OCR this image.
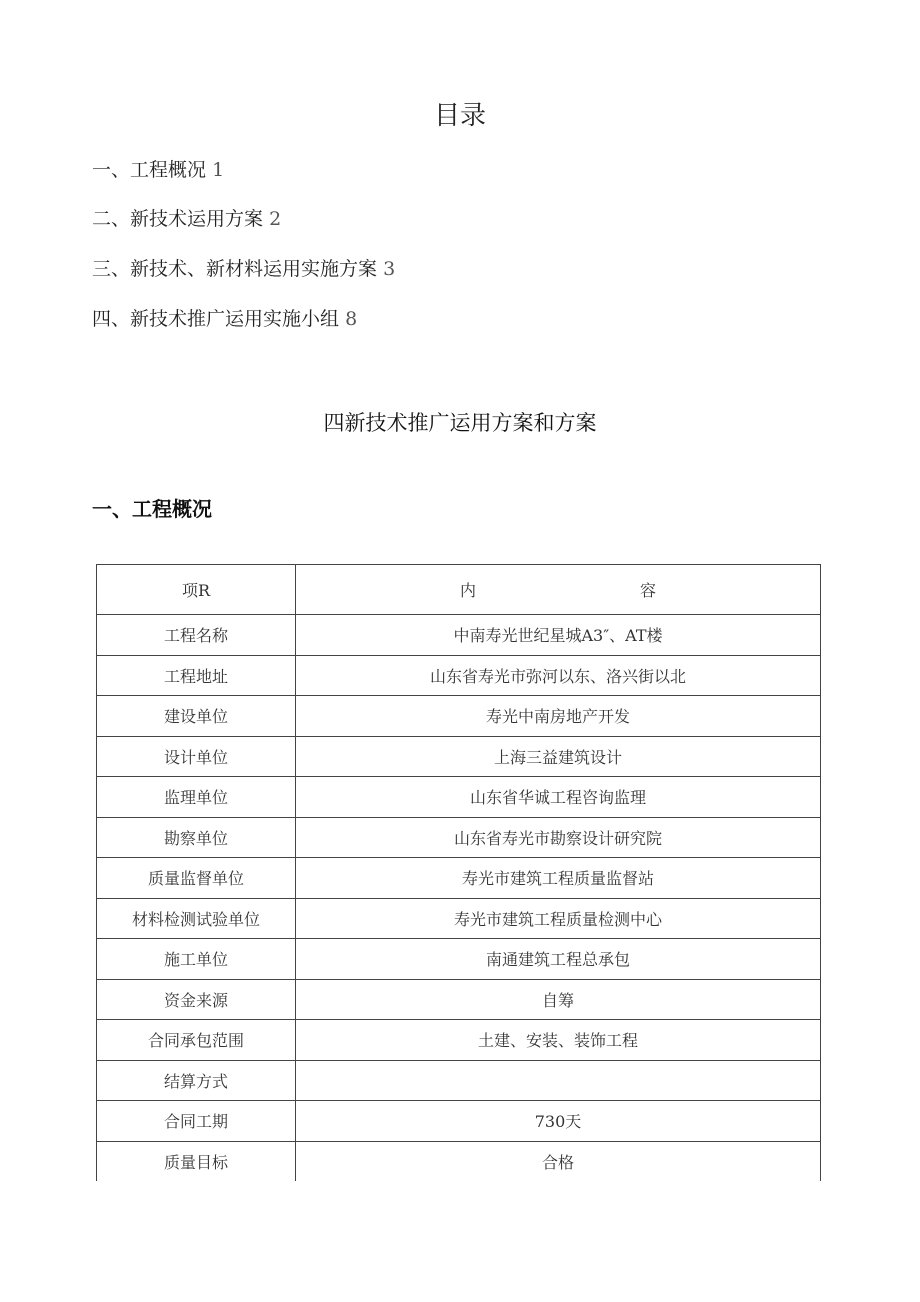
目录
一、工程概况 1
二、新技术运用方案 2
三、新技术、新材料运用实施方案 3
四、新技术推广运用实施小组 8
四新技术推广运用方案和方案
一、工程概况
项R	内 容
工程名称	中南寿光世纪星城A3″、AT楼
工程地址	山东省寿光市弥河以东、洛兴街以北
建设单位	寿光中南房地产开发
设计单位	上海三益建筑设计
监理单位	山东省华诚工程咨询监理
勘察单位	山东省寿光市勘察设计研究院
质量监督单位	寿光市建筑工程质量监督站
材料检测试验单位	寿光市建筑工程质量检测中心
施工单位	南通建筑工程总承包
资金来源	自筹
合同承包范围	土建、安装、装饰工程
结算方式	
合同工期	730天
质量目标	合格
